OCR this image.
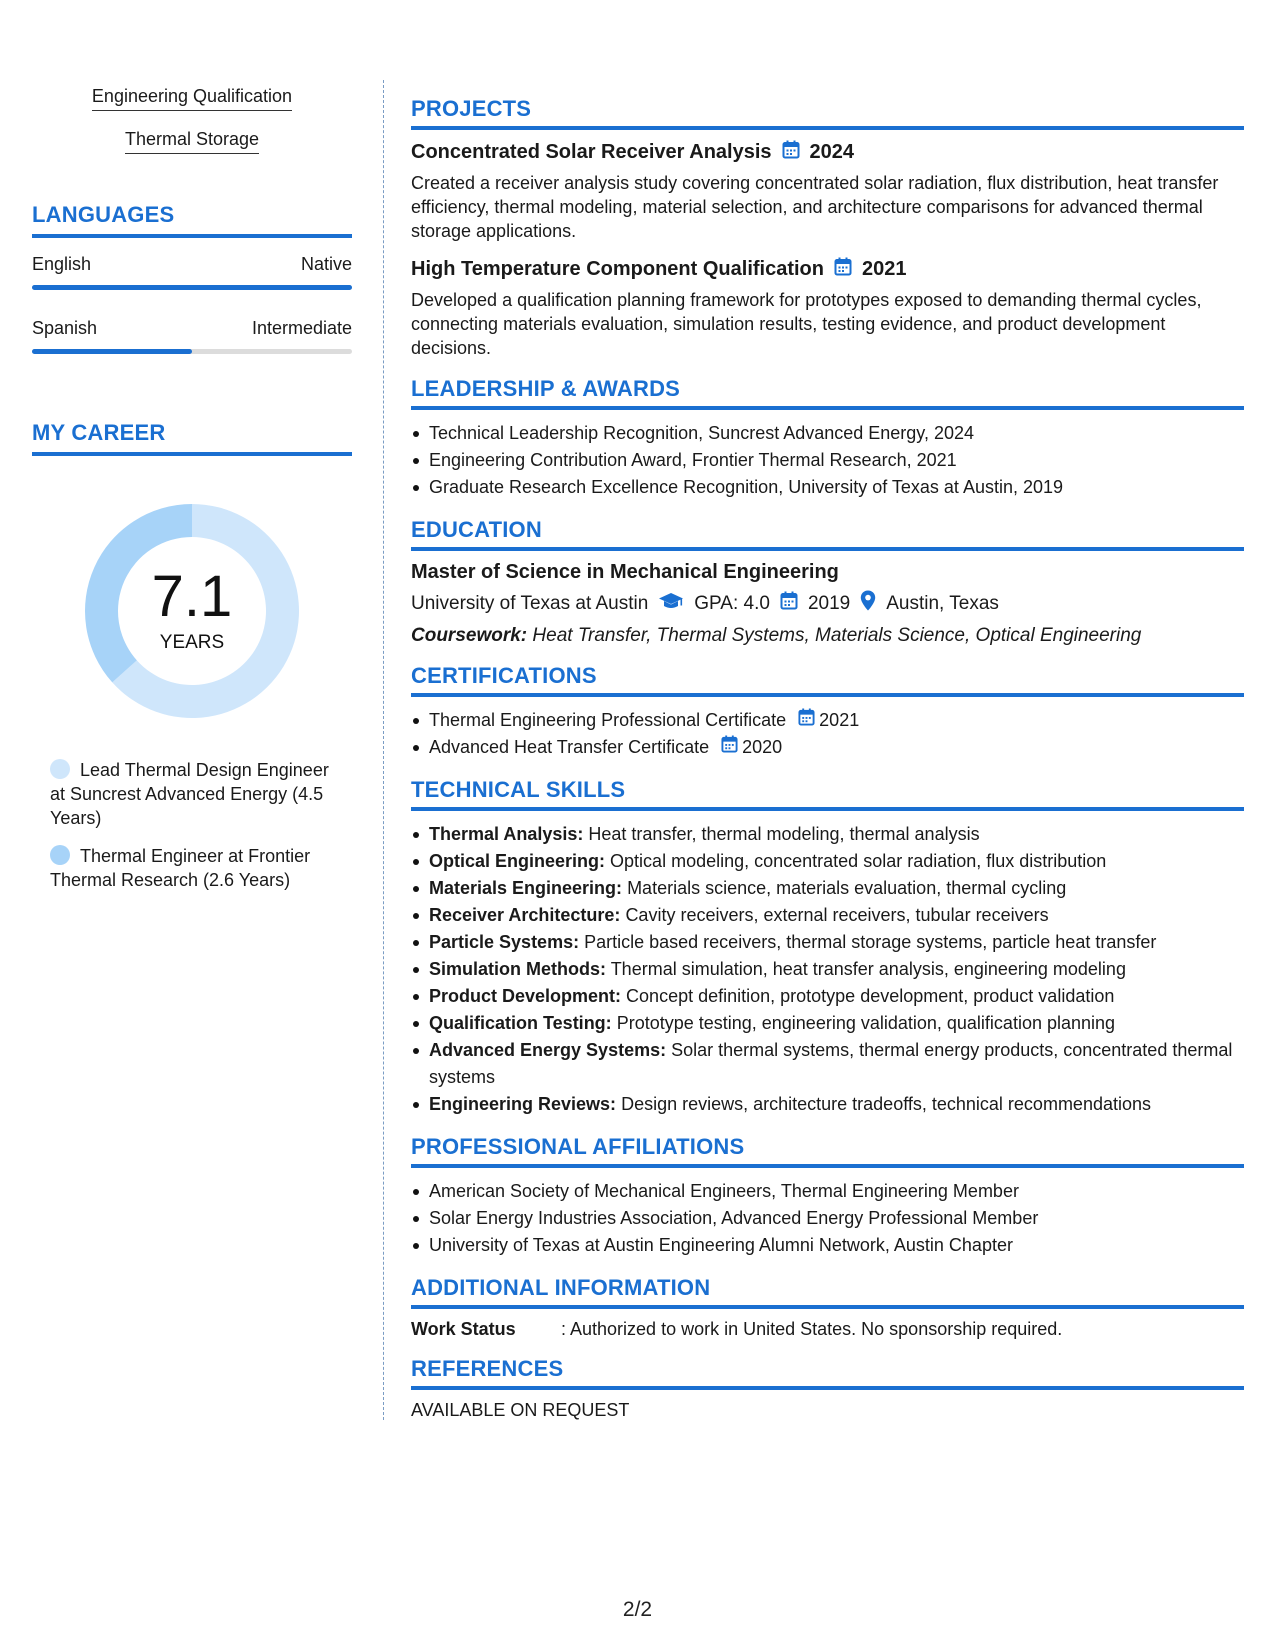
Engineering Qualification
Thermal Storage
LANGUAGES
English	Native
Spanish	Intermediate
MY CAREER
7.1
YEARS
Lead Thermal Design Engineer at Suncrest Advanced Energy (4.5 Years)
Thermal Engineer at Frontier Thermal Research (2.6 Years)
PROJECTS
Concentrated Solar Receiver Analysis 2024
Created a receiver analysis study covering concentrated solar radiation, flux distribution, heat transfer efficiency, thermal modeling, material selection, and architecture comparisons for advanced thermal storage applications.
High Temperature Component Qualification 2021
Developed a qualification planning framework for prototypes exposed to demanding thermal cycles, connecting materials evaluation, simulation results, testing evidence, and product development decisions.
LEADERSHIP & AWARDS
Technical Leadership Recognition, Suncrest Advanced Energy, 2024
Engineering Contribution Award, Frontier Thermal Research, 2021
Graduate Research Excellence Recognition, University of Texas at Austin, 2019
EDUCATION
Master of Science in Mechanical Engineering
University of Texas at Austin GPA: 4.0 2019 Austin, Texas
Coursework: Heat Transfer, Thermal Systems, Materials Science, Optical Engineering
CERTIFICATIONS
Thermal Engineering Professional Certificate 2021
Advanced Heat Transfer Certificate 2020
TECHNICAL SKILLS
Thermal Analysis: Heat transfer, thermal modeling, thermal analysis
Optical Engineering: Optical modeling, concentrated solar radiation, flux distribution
Materials Engineering: Materials science, materials evaluation, thermal cycling
Receiver Architecture: Cavity receivers, external receivers, tubular receivers
Particle Systems: Particle based receivers, thermal storage systems, particle heat transfer
Simulation Methods: Thermal simulation, heat transfer analysis, engineering modeling
Product Development: Concept definition, prototype development, product validation
Qualification Testing: Prototype testing, engineering validation, qualification planning
Advanced Energy Systems: Solar thermal systems, thermal energy products, concentrated thermal systems
Engineering Reviews: Design reviews, architecture tradeoffs, technical recommendations
PROFESSIONAL AFFILIATIONS
American Society of Mechanical Engineers, Thermal Engineering Member
Solar Energy Industries Association, Advanced Energy Professional Member
University of Texas at Austin Engineering Alumni Network, Austin Chapter
ADDITIONAL INFORMATION
Work Status	: Authorized to work in United States. No sponsorship required.
REFERENCES
AVAILABLE ON REQUEST
2/2
